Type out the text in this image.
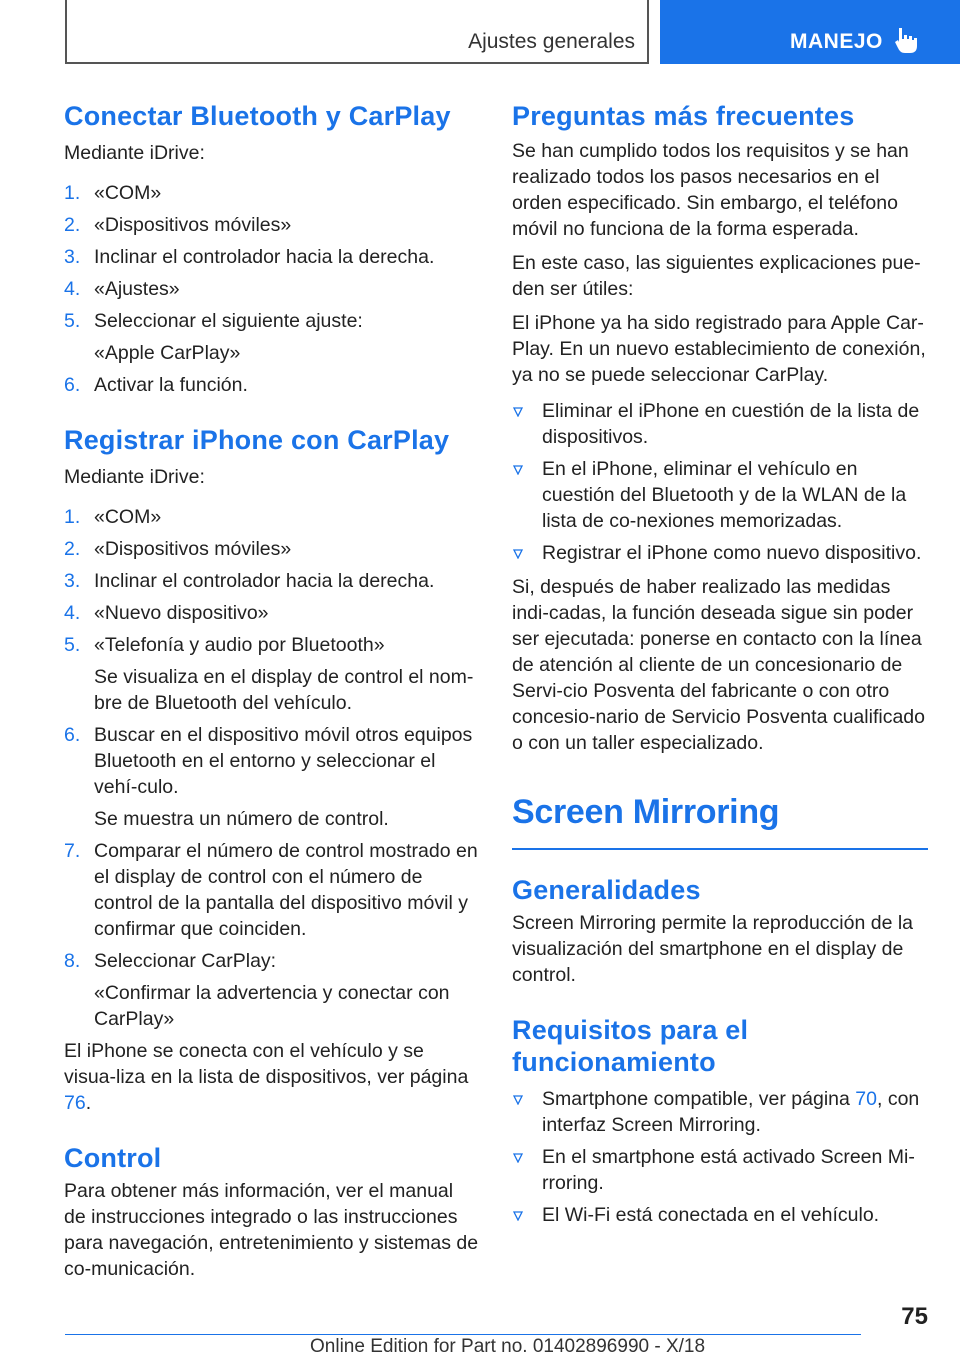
Ajustes generales	MANEJO
Conectar Bluetooth y CarPlay

Mediante iDrive:

1. «COM»
2. «Dispositivos móviles»
3. Inclinar el controlador hacia la derecha.
4. «Ajustes»
5. Seleccionar el siguiente ajuste:
«Apple CarPlay»
6. Activar la función.
Registrar iPhone con CarPlay

Mediante iDrive:

1. «COM»
2. «Dispositivos móviles»
3. Inclinar el controlador hacia la derecha.
4. «Nuevo dispositivo»
5. «Telefonía y audio por Bluetooth»
Se visualiza en el display de control el nom-bre de Bluetooth del vehículo.
6. Buscar en el dispositivo móvil otros equipos Bluetooth en el entorno y seleccionar el vehí-culo.
Se muestra un número de control.
7. Comparar el número de control mostrado en el display de control con el número de control de la pantalla del dispositivo móvil y confirmar que coinciden.
8. Seleccionar CarPlay:
«Confirmar la advertencia y conectar con CarPlay»

El iPhone se conecta con el vehículo y se visua-liza en la lista de dispositivos, ver página 76.

Control

Para obtener más información, ver el manual de instrucciones integrado o las instrucciones para navegación, entretenimiento y sistemas de co-municación.

Preguntas más frecuentes

Se han cumplido todos los requisitos y se han realizado todos los pasos necesarios en el orden especificado. Sin embargo, el teléfono móvil no funciona de la forma esperada.

En este caso, las siguientes explicaciones pue-den ser útiles:

El iPhone ya ha sido registrado para Apple Car-Play. En un nuevo establecimiento de conexión, ya no se puede seleccionar CarPlay.

Eliminar el iPhone en cuestión de la lista de dispositivos.
En el iPhone, eliminar el vehículo en cuestión del Bluetooth y de la WLAN de la lista de co-nexiones memorizadas.
Registrar el iPhone como nuevo dispositivo.

Si, después de haber realizado las medidas indi-cadas, la función deseada sigue sin poder ser ejecutada: ponerse en contacto con la línea de atención al cliente de un concesionario de Servi-cio Posventa del fabricante o con otro concesio-nario de Servicio Posventa cualificado o con un taller especializado.

Screen Mirroring
Generalidades

Screen Mirroring permite la reproducción de la visualización del smartphone en el display de control.

Requisitos para el funcionamiento
Smartphone compatible, ver página 70, con interfaz Screen Mirroring.
En el smartphone está activado Screen Mi-rroring.
El Wi-Fi está conectada en el vehículo.
75
Online Edition for Part no. 01402896990 - X/18
